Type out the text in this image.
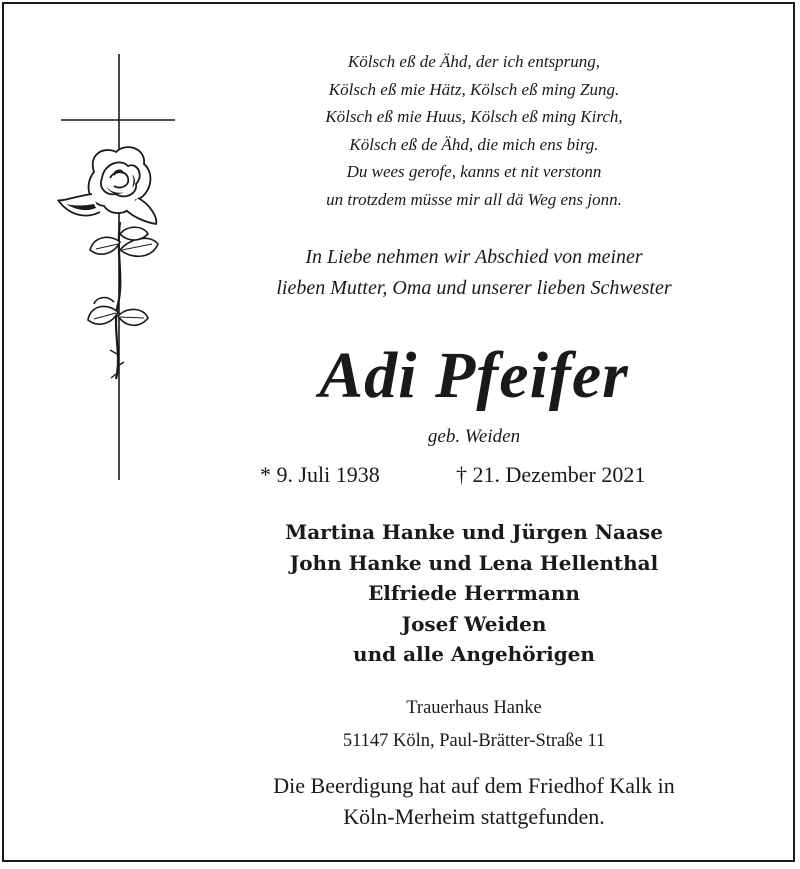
Kölsch eß de Ähd, der ich entsprung,
Kölsch eß mie Hätz, Kölsch eß ming Zung.
Kölsch eß mie Huus, Kölsch eß ming Kirch,
Kölsch eß de Ähd, die mich ens birg.
Du wees gerofe, kanns et nit verstonn
un trotzdem müsse mir all dä Weg ens jonn.
In Liebe nehmen wir Abschied von meiner
lieben Mutter, Oma und unserer lieben Schwester
Adi Pfeifer
geb. Weiden
* 9. Juli 1938	† 21. Dezember 2021
Martina Hanke und Jürgen Naase
John Hanke und Lena Hellenthal
Elfriede Herrmann
Josef Weiden
und alle Angehörigen
Trauerhaus Hanke
51147 Köln, Paul-Brätter-Straße 11
Die Beerdigung hat auf dem Friedhof Kalk in
Köln-Merheim stattgefunden.
